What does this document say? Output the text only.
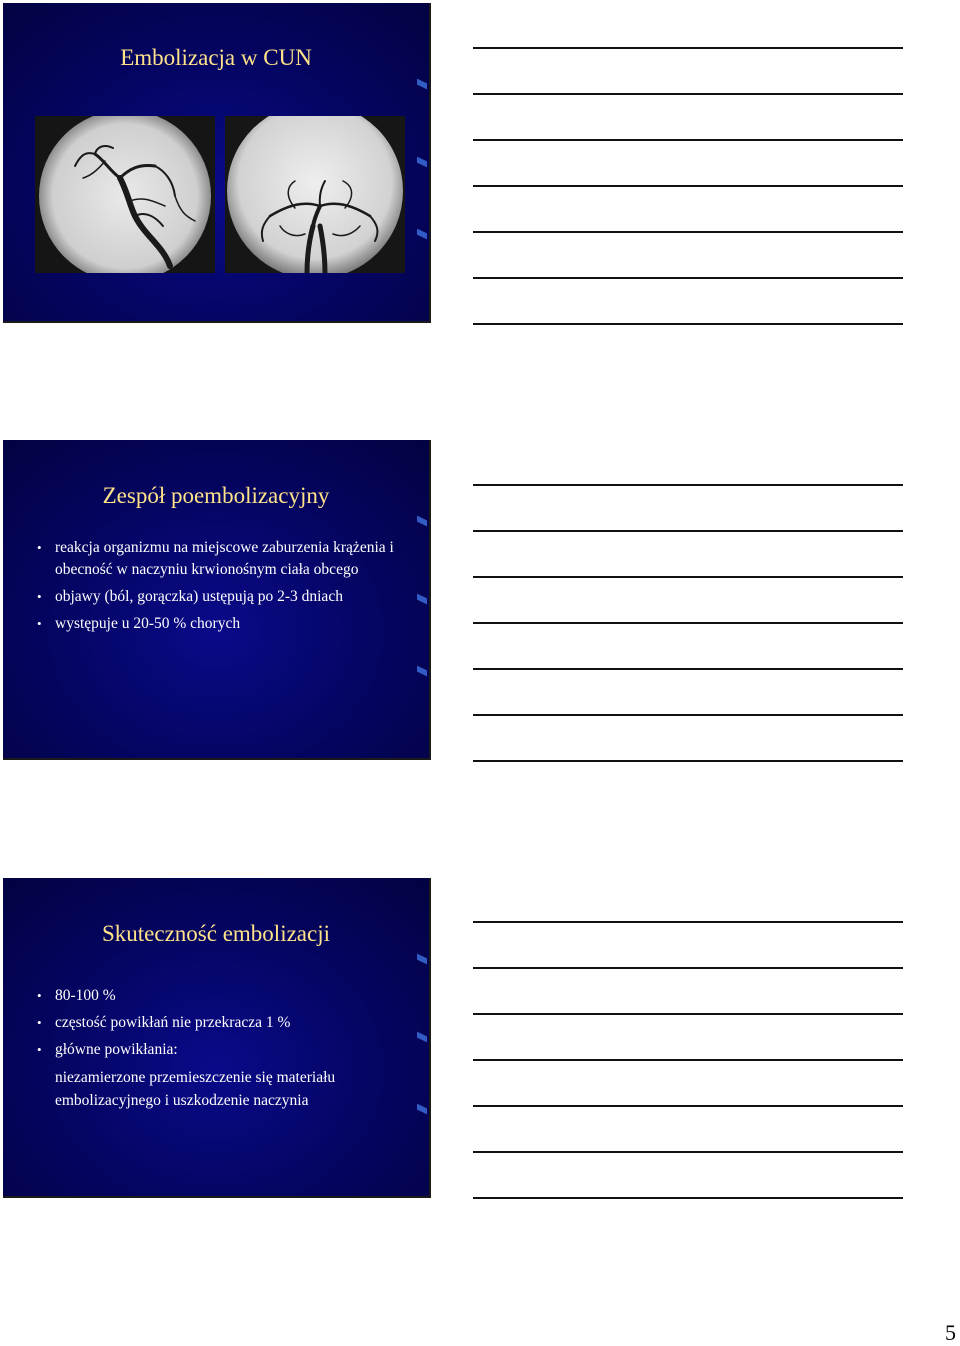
Embolizacja w CUN
Zespół poembolizacyjny
• reakcja organizmu na miejscowe zaburzenia krążenia i obecność w naczyniu krwionośnym ciała obcego
• objawy (ból, gorączka) ustępują po 2-3 dniach
• występuje u 20-50 % chorych
Skuteczność embolizacji
• 80-100 %
• częstość powikłań nie przekracza 1 %
• główne powikłania:
niezamierzone przemieszczenie się materiału embolizacyjnego i uszkodzenie naczynia
5
